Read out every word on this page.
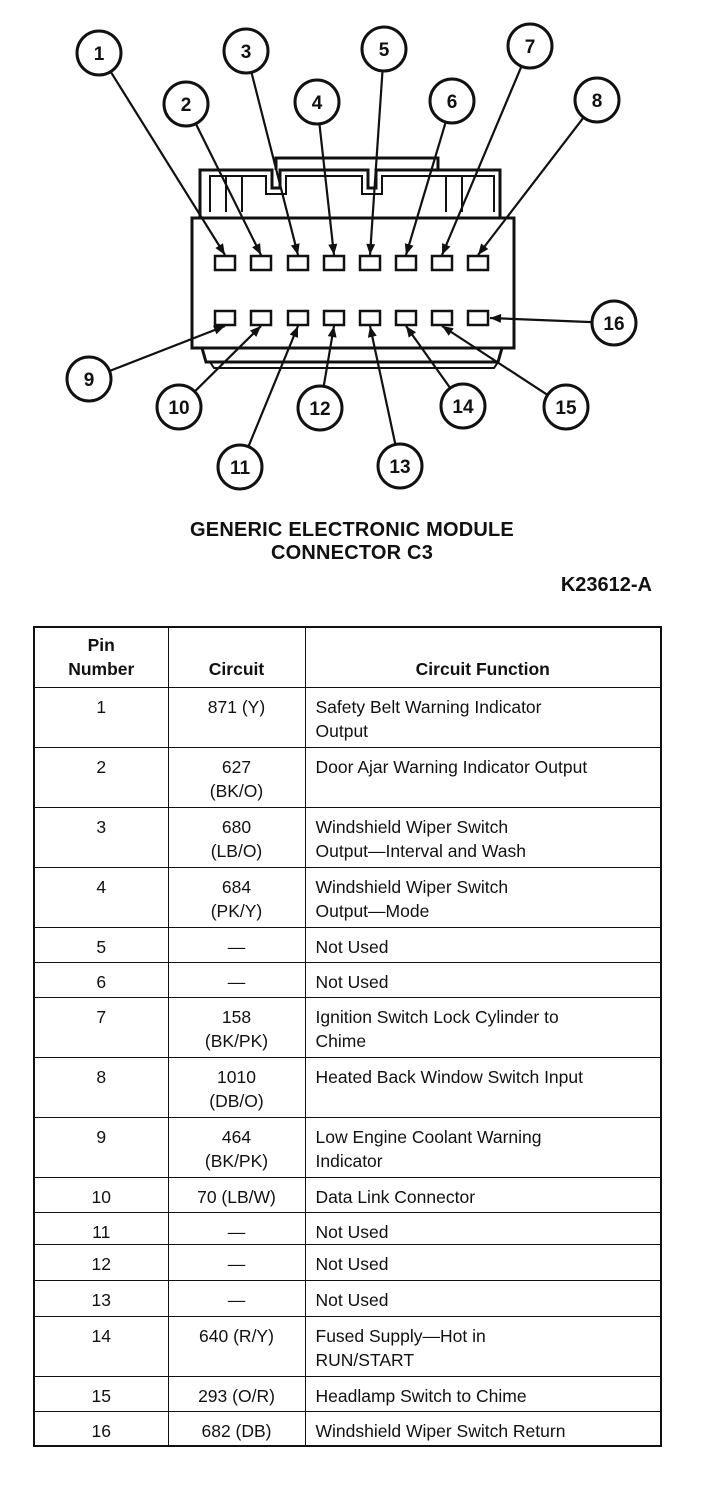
1
2
3
4
5
6
7
8
9
10
11
12
13
14	15
16
GENERIC ELECTRONIC MODULE
CONNECTOR C3
K23612-A
Pin
Number	Circuit	Circuit Function
1	871 (Y)	Safety Belt Warning Indicator
Output

2	627
(BK/O)	Door Ajar Warning Indicator Output

3	680
(LB/O)	Windshield Wiper Switch
Output—Interval and Wash

4	684
(PK/Y)	Windshield Wiper Switch
Output—Mode

5	—	Not Used

6	—	Not Used

7	158
(BK/PK)	Ignition Switch Lock Cylinder to
Chime

8	1010
(DB/O)	Heated Back Window Switch Input

9	464
(BK/PK)	Low Engine Coolant Warning
Indicator

10	70 (LB/W)	Data Link Connector

11	—	Not Used

12	—	Not Used

13	—	Not Used

14	640 (R/Y)	Fused Supply—Hot in
RUN/START

15	293 (O/R)	Headlamp Switch to Chime

16	682 (DB)	Windshield Wiper Switch Return
